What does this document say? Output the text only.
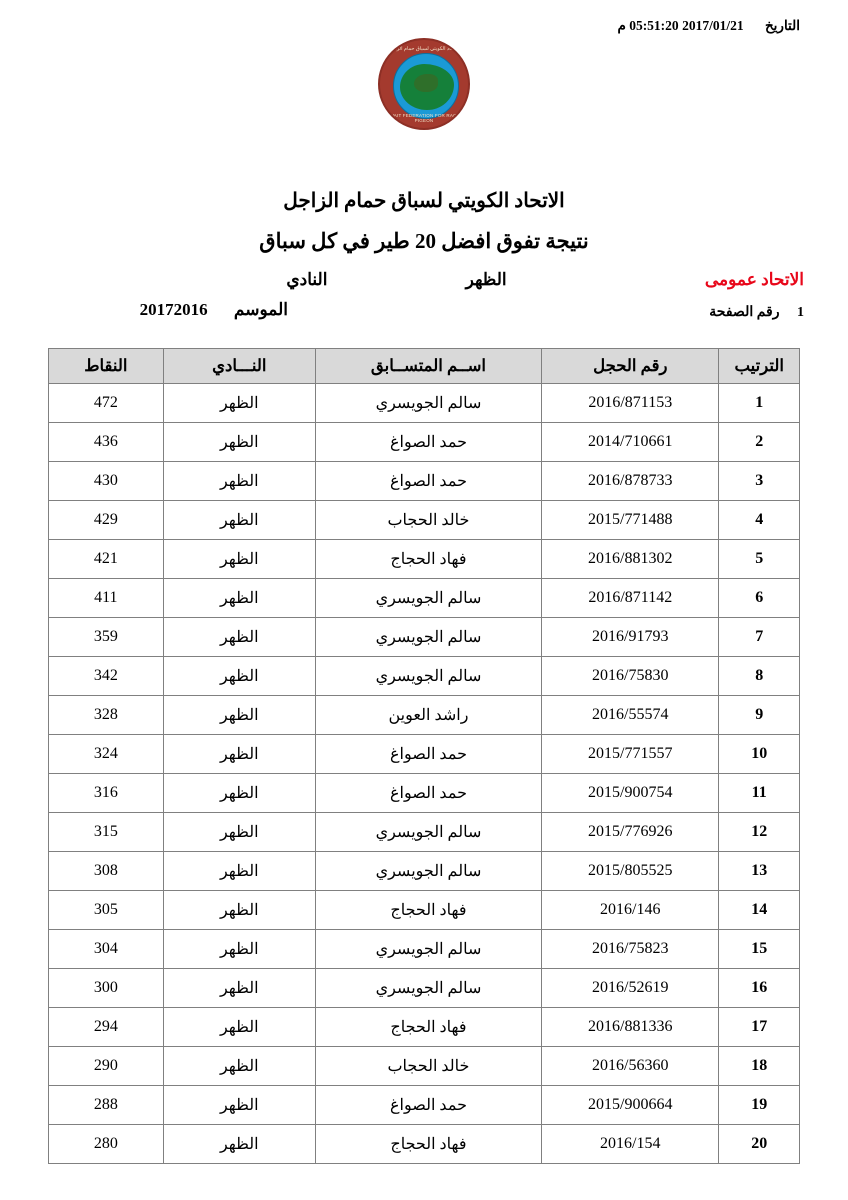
التاريخ 2017/01/21 05:51:20 م
الاتحاد الكويتي لسباق حمام الزاجل
KUWAIT FEDERATION FOR RACING PIGEON
الاتحاد الكويتي لسباق حمام الزاجل
نتيجة تفوق افضل 20 طير في كل سباق
الاتحاد عمومى
الظهر النادي
1 رقم الصفحة
الموسم 20172016
الترتيب	رقم الحجل	اســم المتســابق	النـــادي	النقاط
1	2016/871153	سالم الجويسري	الظهر	472
2	2014/710661	حمد الصواغ	الظهر	436
3	2016/878733	حمد الصواغ	الظهر	430
4	2015/771488	خالد الحجاب	الظهر	429
5	2016/881302	فهاد الحجاج	الظهر	421
6	2016/871142	سالم الجويسري	الظهر	411
7	2016/91793	سالم الجويسري	الظهر	359
8	2016/75830	سالم الجويسري	الظهر	342
9	2016/55574	راشد العوين	الظهر	328
10	2015/771557	حمد الصواغ	الظهر	324
11	2015/900754	حمد الصواغ	الظهر	316
12	2015/776926	سالم الجويسري	الظهر	315
13	2015/805525	سالم الجويسري	الظهر	308
14	2016/146	فهاد الحجاج	الظهر	305
15	2016/75823	سالم الجويسري	الظهر	304
16	2016/52619	سالم الجويسري	الظهر	300
17	2016/881336	فهاد الحجاج	الظهر	294
18	2016/56360	خالد الحجاب	الظهر	290
19	2015/900664	حمد الصواغ	الظهر	288
20	2016/154	فهاد الحجاج	الظهر	280
